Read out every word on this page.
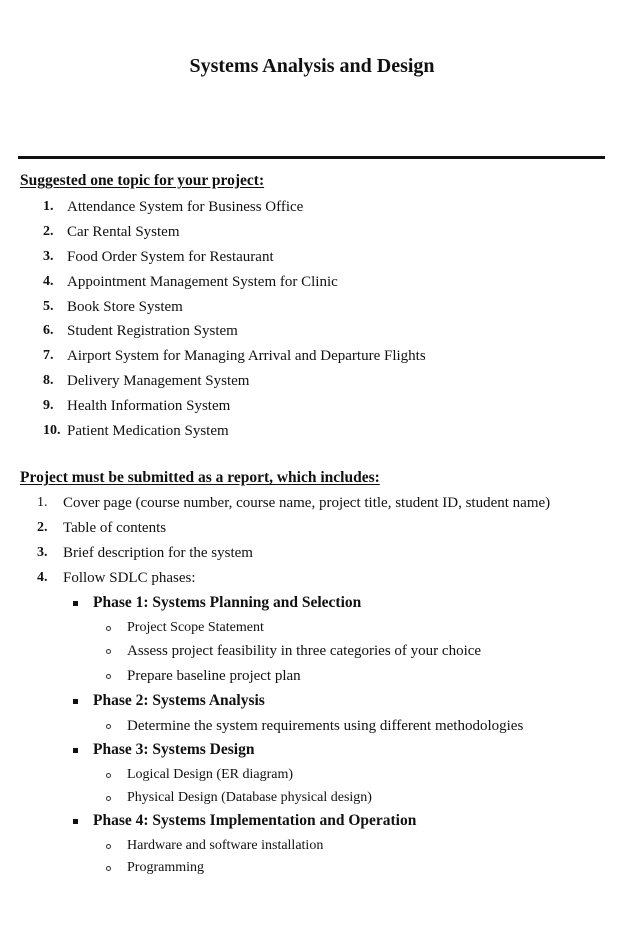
Systems Analysis and Design
Suggested one topic for your project:
1. Attendance System for Business Office
2. Car Rental System
3. Food Order System for Restaurant
4. Appointment Management System for Clinic
5. Book Store System
6. Student Registration System
7. Airport System for Managing Arrival and Departure Flights
8. Delivery Management System
9. Health Information System
10. Patient Medication System
Project must be submitted as a report, which includes:
1. Cover page (course number, course name, project title, student ID, student name)
2. Table of contents
3. Brief description for the system
4. Follow SDLC phases:
Phase 1: Systems Planning and Selection
Project Scope Statement
Assess project feasibility in three categories of your choice
Prepare baseline project plan
Phase 2: Systems Analysis
Determine the system requirements using different methodologies
Phase 3: Systems Design
Logical Design (ER diagram)
Physical Design (Database physical design)
Phase 4: Systems Implementation and Operation
Hardware and software installation
Programming
